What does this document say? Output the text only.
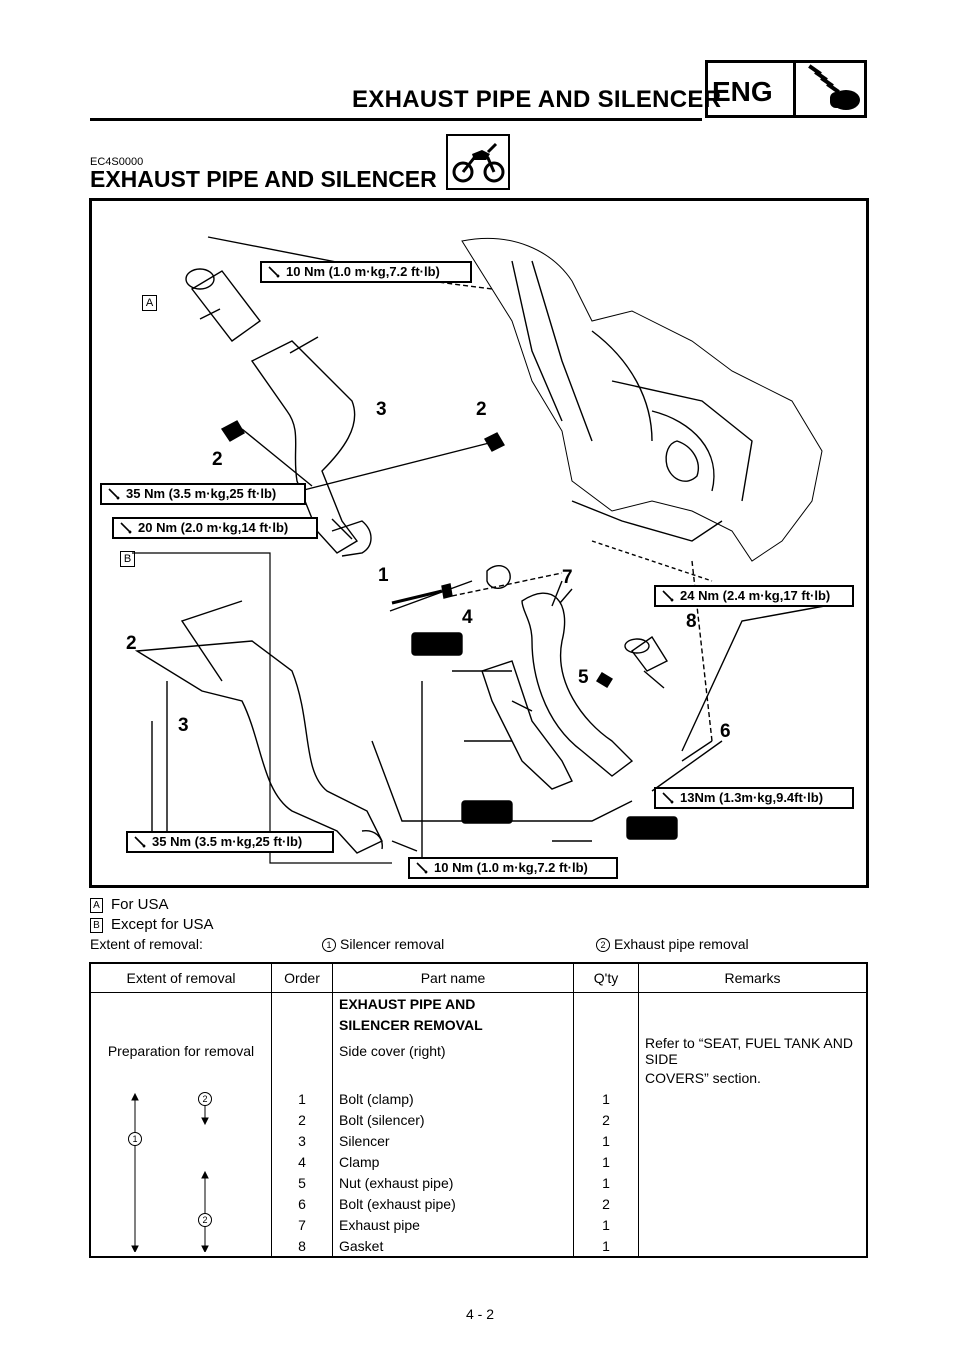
EXHAUST PIPE AND SILENCER
ENG
EC4S0000
EXHAUST PIPE AND SILENCER
A
B
10 Nm (1.0 m·kg,7.2 ft·lb)
35 Nm (3.5 m·kg,25 ft·lb)
20 Nm (2.0 m·kg,14 ft·lb)
24 Nm (2.4 m·kg,17 ft·lb)
13Nm (1.3m·kg,9.4ft·lb)
35 Nm (3.5 m·kg,25 ft·lb)
10 Nm (1.0 m·kg,7.2 ft·lb)
3	2
2
1	7
4	8
5
6
2
3
A For USA
B Except for USA
Extent of removal:	1 Silencer removal	2 Exhaust pipe removal
Extent of removal	Order	Part name	Q'ty	Remarks
		EXHAUST PIPE AND		
		SILENCER REMOVAL		
Preparation for removal		Side cover (right)		Refer to “SEAT, FUEL TANK AND SIDE
				COVERS” section.

1
2
2	1	Bolt (clamp)	1	
	2	Bolt (silencer)	2	
	3	Silencer	1	
	4	Clamp	1	
	5	Nut (exhaust pipe)	1	
	6	Bolt (exhaust pipe)	2	
	7	Exhaust pipe	1	
	8	Gasket	1	
4 - 2
